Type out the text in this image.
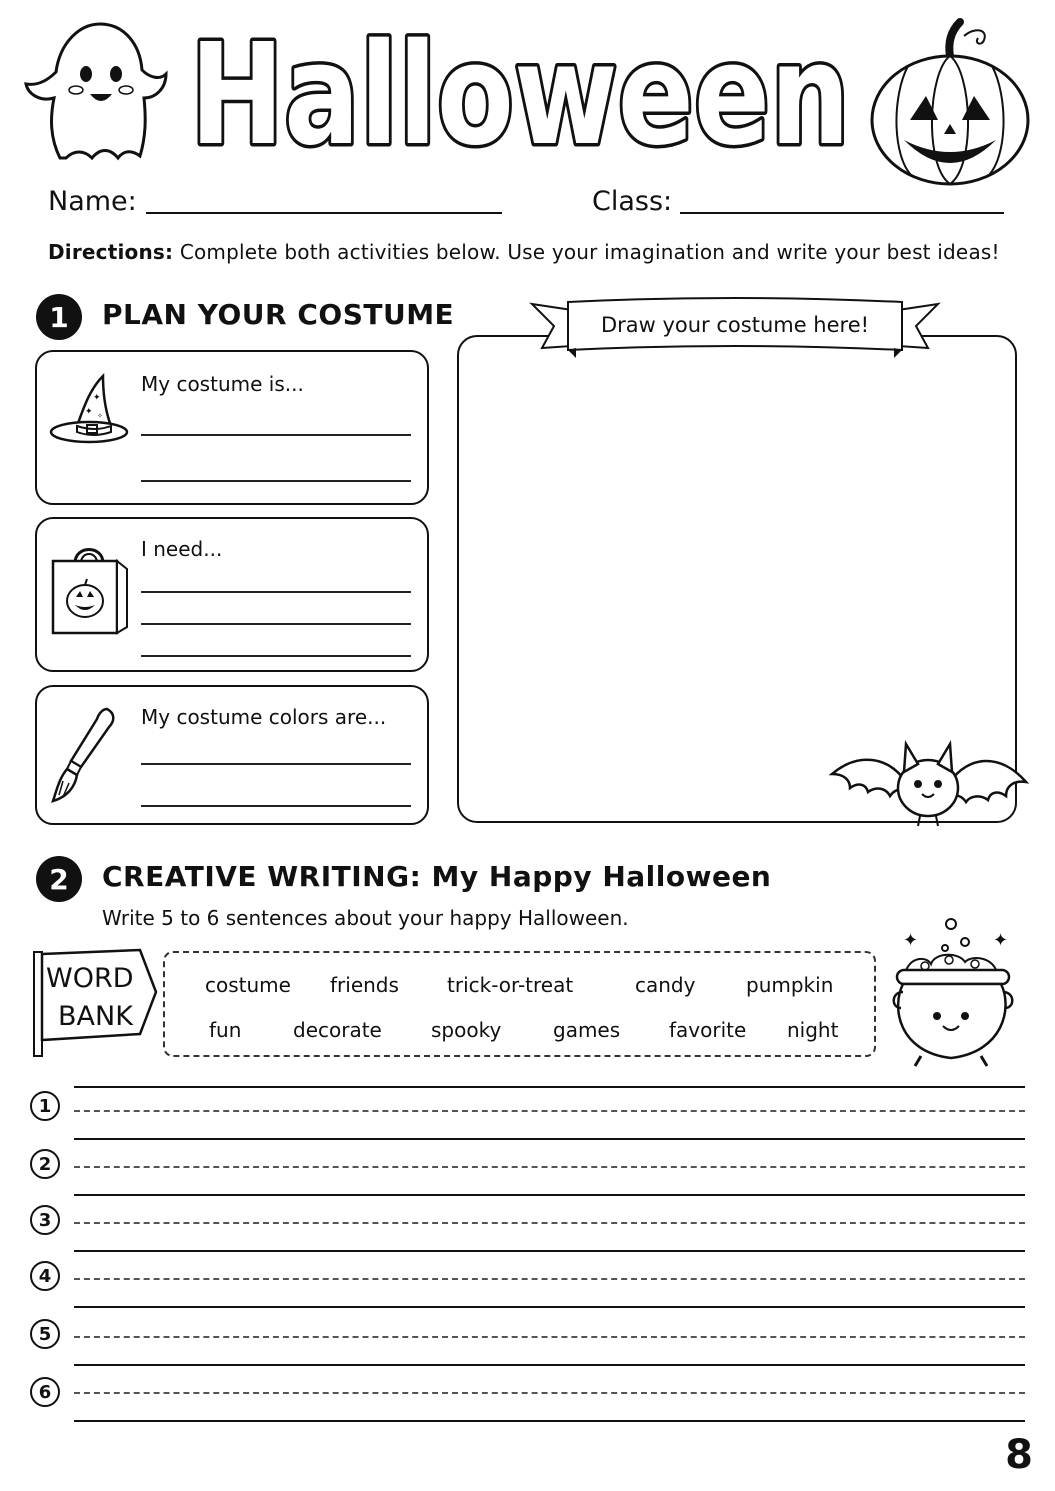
Halloween
Name:	Class:
Directions: Complete both activities below. Use your imagination and write your best ideas!
1	PLAN YOUR COSTUME
✦
✦ ✧
My costume is...
I need...
My costume colors are...
Draw your costume here!
2	CREATIVE WRITING: My Happy Halloween
Write 5 to 6 sentences about your happy Halloween.
WORD
BANK
costume friends trick-or-treat	candy	pumpkin
fun	decorate spooky	games favorite night
✦	✦
1
2
3
4
5
6
8
